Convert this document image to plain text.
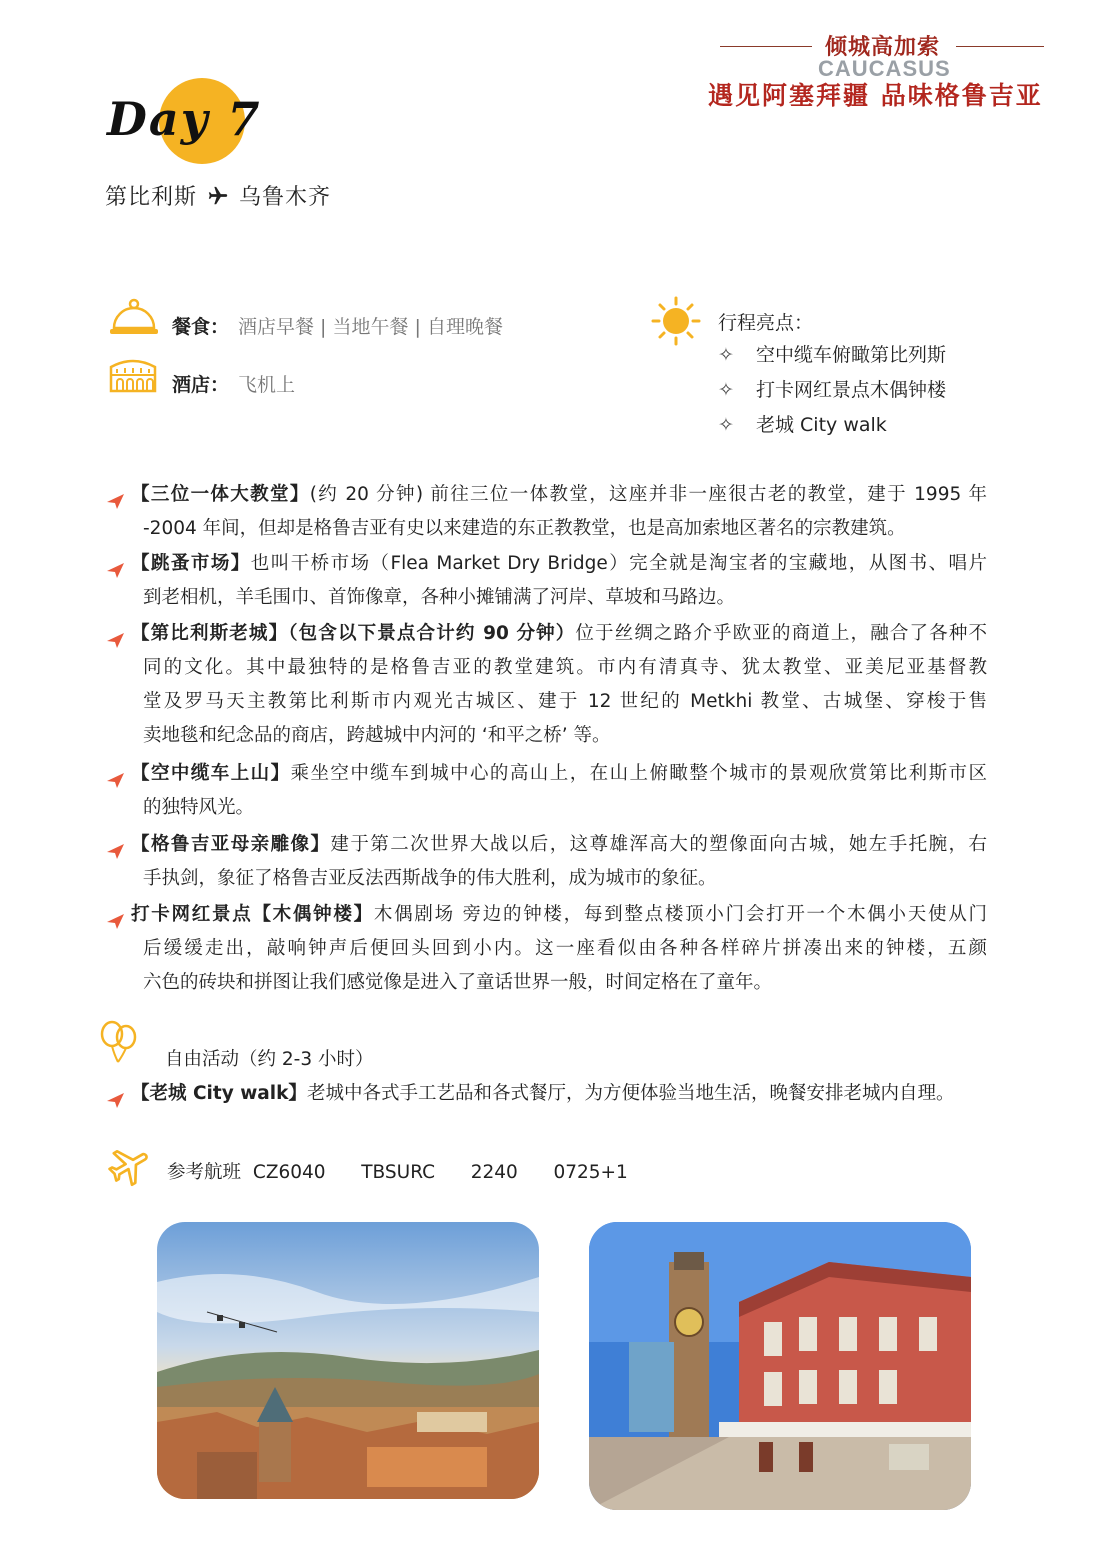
倾城高加索
CAUCASUS
遇见阿塞拜疆 品味格鲁吉亚
Day 7
第比利斯 乌鲁木齐
餐食： 酒店早餐 | 当地午餐 | 自理晚餐
酒店： 飞机上
行程亮点：
✧ 空中缆车俯瞰第比列斯
✧ 打卡网红景点木偶钟楼
✧ 老城 City walk
【三位一体大教堂】(约 20 分钟) 前往三位一体教堂，这座并非一座很古老的教堂，建于 1995 年
-2004 年间，但却是格鲁吉亚有史以来建造的东正教教堂，也是高加索地区著名的宗教建筑。
【跳蚤市场】也叫干桥市场（Flea Market Dry Bridge）完全就是淘宝者的宝藏地，从图书、唱片
到老相机，羊毛围巾、首饰像章，各种小摊铺满了河岸、草坡和马路边。
【第比利斯老城】（包含以下景点合计约 90 分钟）位于丝绸之路介乎欧亚的商道上，融合了各种不
同的文化。其中最独特的是格鲁吉亚的教堂建筑。市内有清真寺、犹太教堂、亚美尼亚基督教
堂及罗马天主教第比利斯市内观光古城区、建于 12 世纪的 Metkhi 教堂、古城堡、穿梭于售
卖地毯和纪念品的商店，跨越城中内河的 ‘和平之桥’ 等。
【空中缆车上山】乘坐空中缆车到城中心的高山上，在山上俯瞰整个城市的景观欣赏第比利斯市区
的独特风光。
【格鲁吉亚母亲雕像】建于第二次世界大战以后，这尊雄浑高大的塑像面向古城，她左手托腕，右
手执剑，象征了格鲁吉亚反法西斯战争的伟大胜利，成为城市的象征。
打卡网红景点【木偶钟楼】木偶剧场 旁边的钟楼，每到整点楼顶小门会打开一个木偶小天使从门
后缓缓走出，敲响钟声后便回头回到小内。这一座看似由各种各样碎片拼凑出来的钟楼，五颜
六色的砖块和拼图让我们感觉像是进入了童话世界一般，时间定格在了童年。
自由活动（约 2-3 小时）
【老城 City walk】老城中各式手工艺品和各式餐厅，为方便体验当地生活，晚餐安排老城内自理。
参考航班 CZ6040 TBSURC 2240 0725+1
